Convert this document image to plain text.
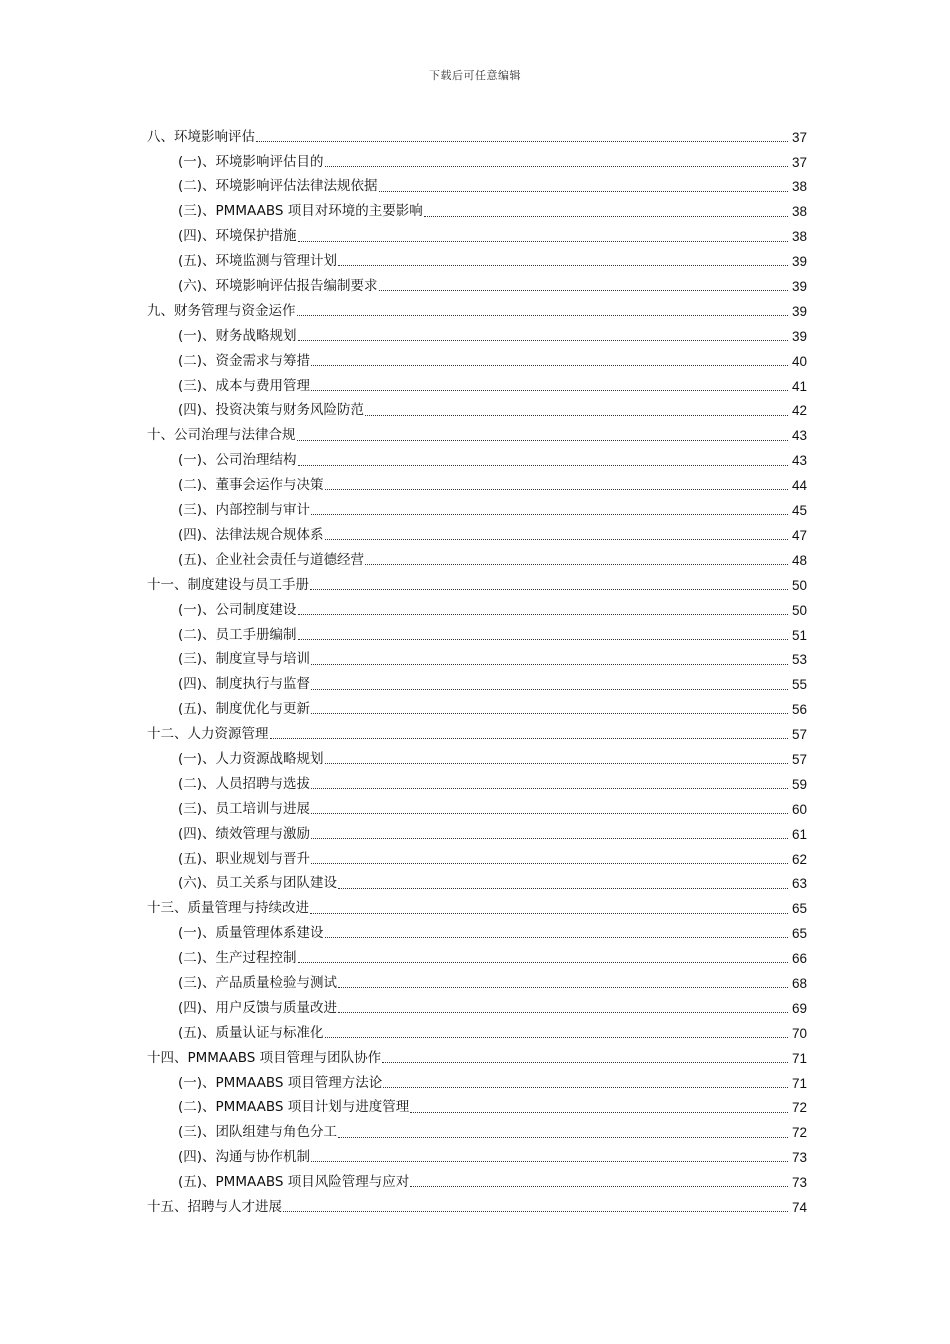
下载后可任意编辑
八、环境影响评估	37
(一)、环境影响评估目的	37
(二)、环境影响评估法律法规依据	38
(三)、PMMAABS 项目对环境的主要影响	38
(四)、环境保护措施	38
(五)、环境监测与管理计划	39
(六)、环境影响评估报告编制要求	39
九、财务管理与资金运作	39
(一)、财务战略规划	39
(二)、资金需求与筹措	40
(三)、成本与费用管理	41
(四)、投资决策与财务风险防范	42
十、公司治理与法律合规	43
(一)、公司治理结构	43
(二)、董事会运作与决策	44
(三)、内部控制与审计	45
(四)、法律法规合规体系	47
(五)、企业社会责任与道德经营	48
十一、制度建设与员工手册	50
(一)、公司制度建设	50
(二)、员工手册编制	51
(三)、制度宣导与培训	53
(四)、制度执行与监督	55
(五)、制度优化与更新	56
十二、人力资源管理	57
(一)、人力资源战略规划	57
(二)、人员招聘与选拔	59
(三)、员工培训与进展	60
(四)、绩效管理与激励	61
(五)、职业规划与晋升	62
(六)、员工关系与团队建设	63
十三、质量管理与持续改进	65
(一)、质量管理体系建设	65
(二)、生产过程控制	66
(三)、产品质量检验与测试	68
(四)、用户反馈与质量改进	69
(五)、质量认证与标准化	70
十四、PMMAABS 项目管理与团队协作	71
(一)、PMMAABS 项目管理方法论	71
(二)、PMMAABS 项目计划与进度管理	72
(三)、团队组建与角色分工	72
(四)、沟通与协作机制	73
(五)、PMMAABS 项目风险管理与应对	73
十五、招聘与人才进展	74
